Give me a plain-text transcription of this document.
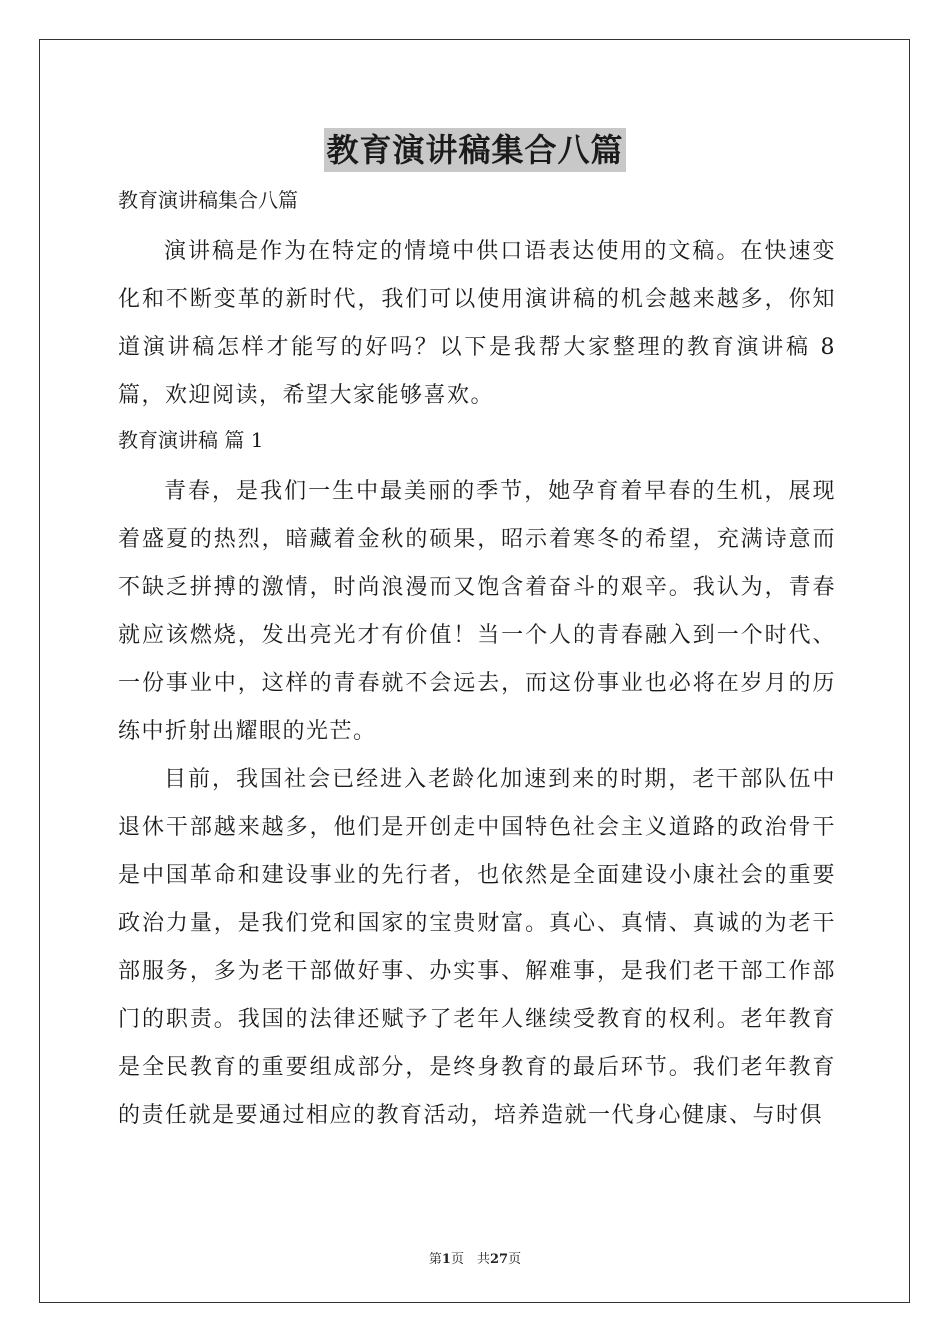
教育演讲稿集合八篇
教育演讲稿集合八篇

演讲稿是作为在特定的情境中供口语表达使用的文稿。在快速变化和不断变革的新时代，我们可以使用演讲稿的机会越来越多，你知道演讲稿怎样才能写的好吗？以下是我帮大家整理的教育演讲稿 8 篇，欢迎阅读，希望大家能够喜欢。

教育演讲稿 篇 1

青春，是我们一生中最美丽的季节，她孕育着早春的生机，展现着盛夏的热烈，暗藏着金秋的硕果，昭示着寒冬的希望，充满诗意而不缺乏拼搏的激情，时尚浪漫而又饱含着奋斗的艰辛。我认为，青春就应该燃烧，发出亮光才有价值！当一个人的青春融入到一个时代、一份事业中，这样的青春就不会远去，而这份事业也必将在岁月的历练中折射出耀眼的光芒。

目前，我国社会已经进入老龄化加速到来的时期，老干部队伍中退休干部越来越多，他们是开创走中国特色社会主义道路的政治骨干是中国革命和建设事业的先行者，也依然是全面建设小康社会的重要政治力量，是我们党和国家的宝贵财富。真心、真情、真诚的为老干部服务，多为老干部做好事、办实事、解难事，是我们老干部工作部门的职责。我国的法律还赋予了老年人继续受教育的权利。老年教育是全民教育的重要组成部分，是终身教育的最后环节。我们老年教育的责任就是要通过相应的教育活动，培养造就一代身心健康、与时俱

第1页　共27页
